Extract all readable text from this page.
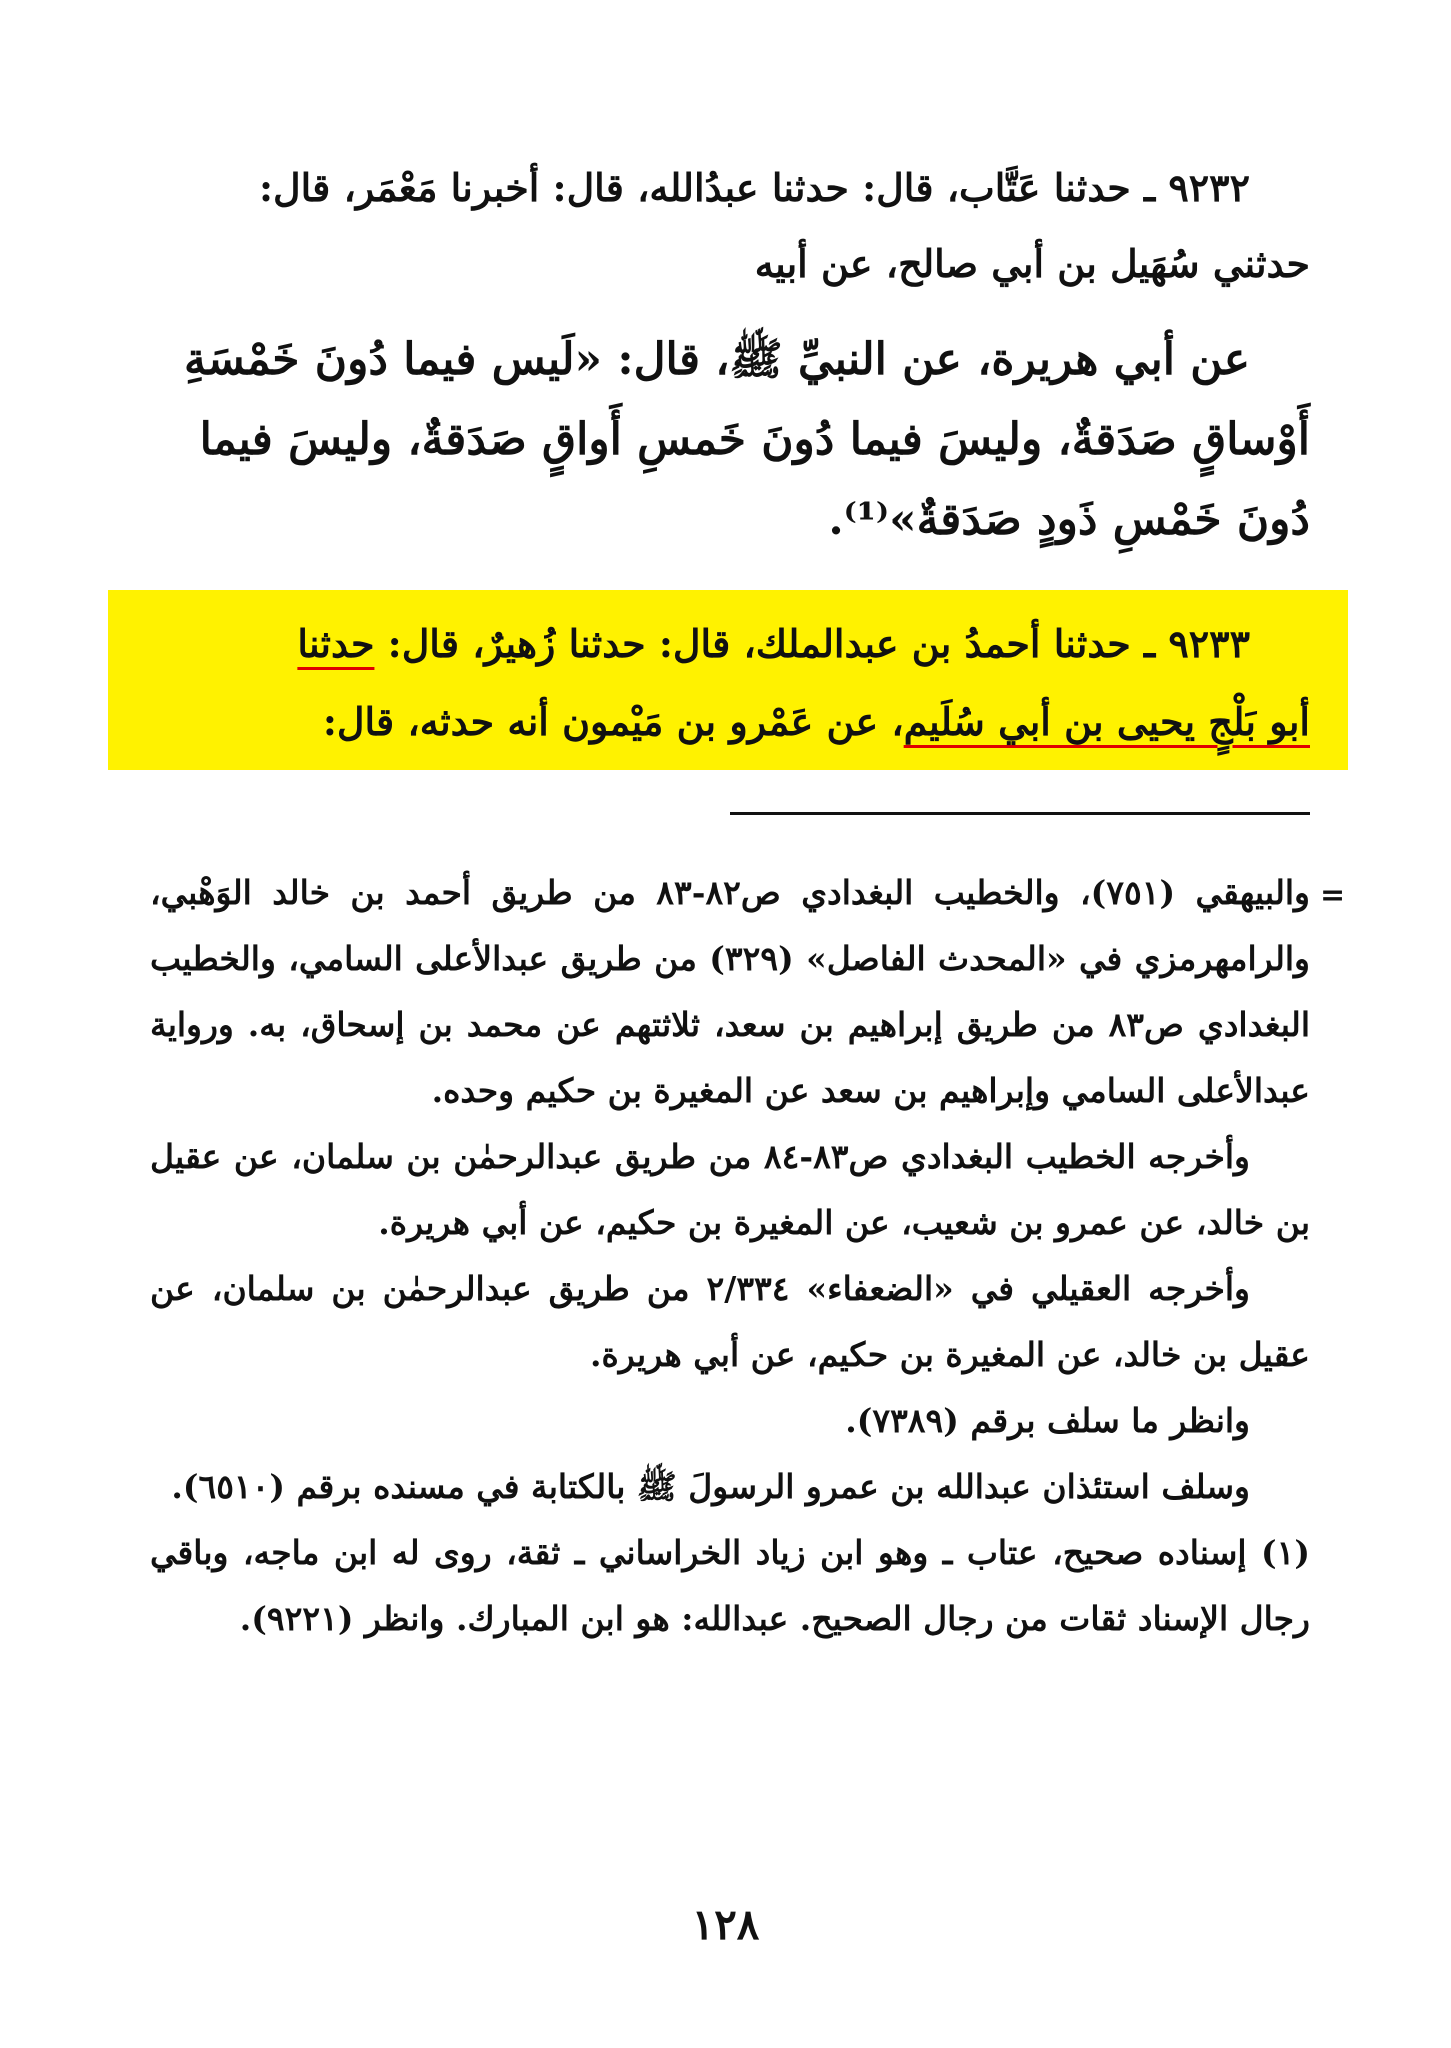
٩٢٣٢ ـ حدثنا عَتَّاب، قال: حدثنا عبدُالله، قال: أخبرنا مَعْمَر، قال:
حدثني سُهَيل بن أبي صالح، عن أبيه

عن أبي هريرة، عن النبيِّ ﷺ، قال: «لَيس فيما دُونَ خَمْسَةِ
أَوْساقٍ صَدَقةٌ، وليسَ فيما دُونَ خَمسِ أَواقٍ صَدَقةٌ، وليسَ فيما
دُونَ خَمْسِ ذَودٍ صَدَقةٌ»⁽¹⁾.

٩٢٣٣ ـ حدثنا أحمدُ بن عبدالملك، قال: حدثنا زُهيرٌ، قال: حدثنا

أبو بَلْجٍ يحيى بن أبي سُلَيم، عن عَمْرو بن مَيْمون أنه حدثه، قال:

=

والبيهقي (٧٥١)، والخطيب البغدادي ص٨٢-٨٣ من طريق أحمد بن خالد الوَهْبي، والرامهرمزي في «المحدث الفاصل» (٣٢٩) من طريق عبدالأعلى السامي، والخطيب البغدادي ص٨٣ من طريق إبراهيم بن سعد، ثلاثتهم عن محمد بن إسحاق، به. ورواية عبدالأعلى السامي وإبراهيم بن سعد عن المغيرة بن حكيم وحده.

وأخرجه الخطيب البغدادي ص٨٣-٨٤ من طريق عبدالرحمٰن بن سلمان، عن عقيل بن خالد، عن عمرو بن شعيب، عن المغيرة بن حكيم، عن أبي هريرة.

وأخرجه العقيلي في «الضعفاء» ٢/٣٣٤ من طريق عبدالرحمٰن بن سلمان، عن عقيل بن خالد، عن المغيرة بن حكيم، عن أبي هريرة.

وانظر ما سلف برقم (٧٣٨٩).

وسلف استئذان عبدالله بن عمرو الرسولَ ﷺ بالكتابة في مسنده برقم (٦٥١٠).

(١) إسناده صحيح، عتاب ـ وهو ابن زياد الخراساني ـ ثقة، روى له ابن ماجه، وباقي رجال الإسناد ثقات من رجال الصحيح. عبدالله: هو ابن المبارك. وانظر (٩٢٢١).

١٢٨
